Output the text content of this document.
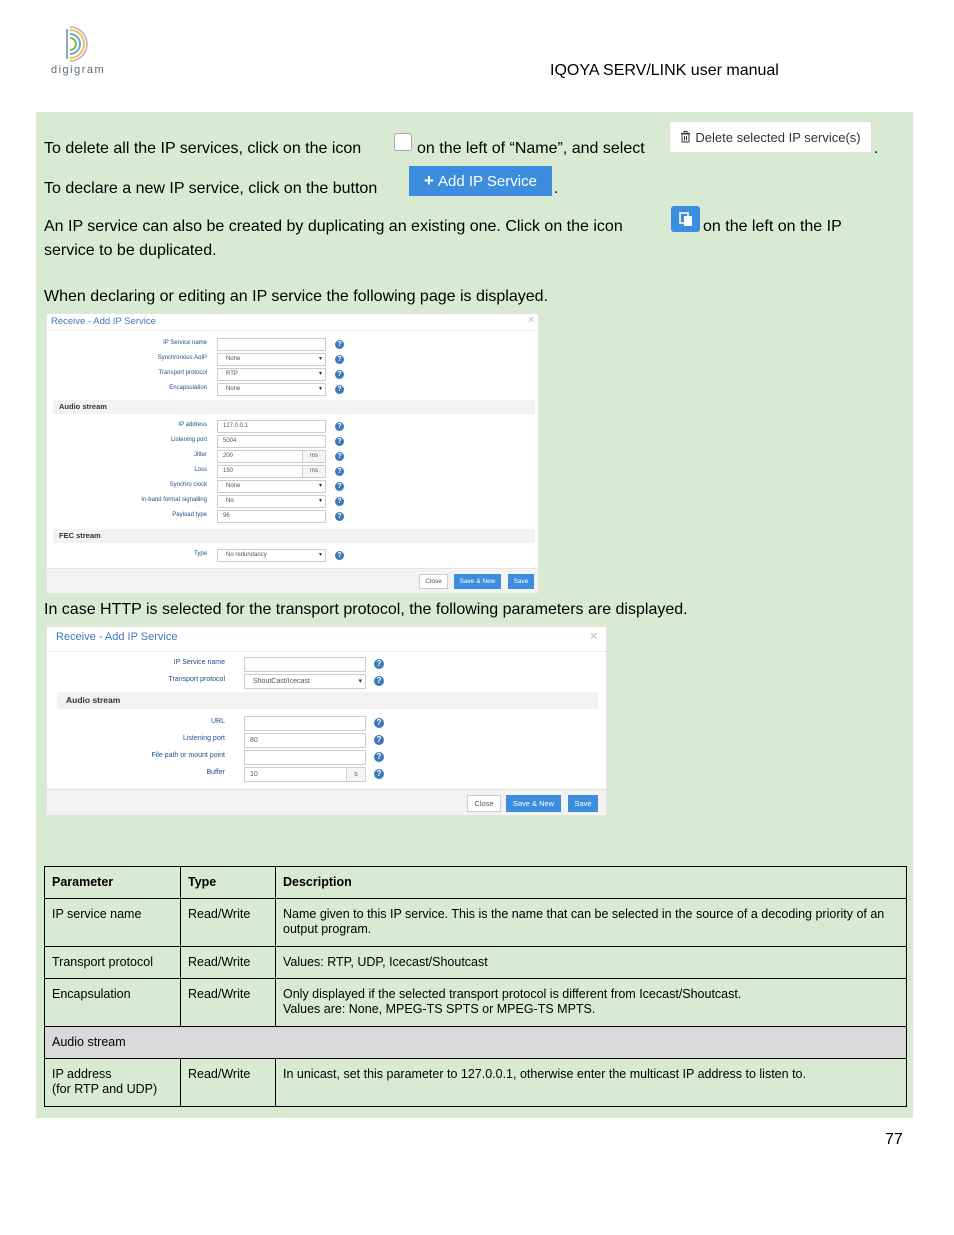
digigram	IQOYA SERV/LINK user manual
To delete all the IP services, click on the icon	on the left of “Name”, and select
Delete selected IP service(s)
.
To declare a new IP service, click on the button	+ Add IP Service .
An IP service can also be created by duplicating an existing one. Click on the icon	on the left on the IP
service to be duplicated.
When declaring or editing an IP service the following page is displayed.
Receive - Add IP Service	×
IP Service name	?
Synchronous AoIP	None	▾	?
Transport protocol	RTP	▾	?
Encapsulation	None	▾	?
Audio stream
IP address	127.0.0.1	?
Listening port	5004	?
Jitter	200	ms	?
Loss	150	ms	?
Synchro clock	None	▾	?
In-band format signalling	No	▾	?
Payload type	96	?
FEC stream
Type	No redundancy	▾	?
Close	Save & New	Save
In case HTTP is selected for the transport protocol, the following parameters are displayed.
Receive - Add IP Service	×
IP Service name	?
Transport protocol	ShoutCast/Icecast	▾	?
Audio stream
URL	?
Listening port	80	?
File path or mount point	?
Buffer	10	s	?
Close	Save & New	Save
Parameter	Type	Description
IP service name	Read/Write	Name given to this IP service. This is the name that can be selected in the source of a decoding priority of an output program.
Transport protocol	Read/Write	Values: RTP, UDP, Icecast/Shoutcast
Encapsulation	Read/Write	Only displayed if the selected transport protocol is different from Icecast/Shoutcast.
Values are: None, MPEG-TS SPTS or MPEG-TS MPTS.

Audio stream		

IP address
(for RTP and UDP)	Read/Write	In unicast, set this parameter to 127.0.0.1, otherwise enter the multicast IP address to listen to.
77
